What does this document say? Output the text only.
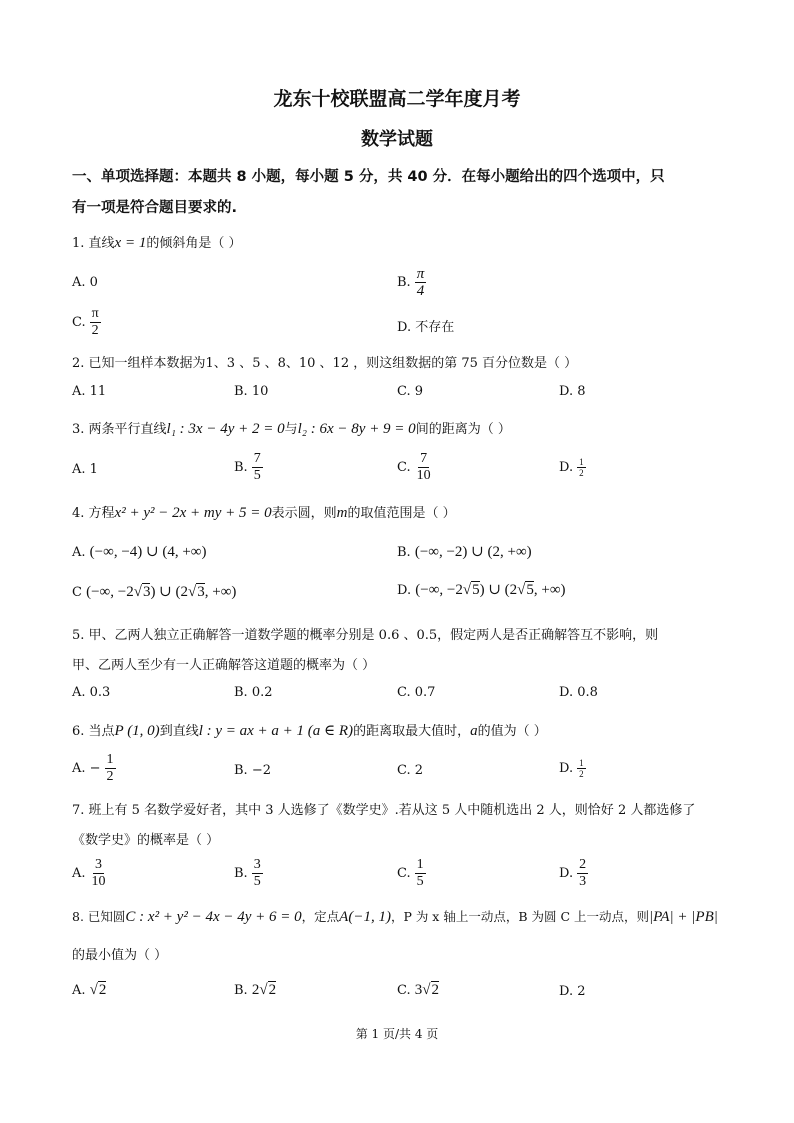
龙东十校联盟高二学年度月考
数学试题
一、单项选择题：本题共 8 小题，每小题 5 分，共 40 分．在每小题给出的四个选项中，只
有一项是符合题目要求的.
1. 直线x = 1的倾斜角是（ ）
A. 0	B. $\frac{\pi}{4}$
C. $\frac{\pi}{2}$	D. 不存在
2. 已知一组样本数据为1、3 、5 、8、10 、12 ，则这组数据的第 75 百分位数是（ ）
A. 11	B. 10	C. 9	D. 8
3. 两条平行直线l₁ : 3x − 4y + 2 = 0与l₂ : 6x − 8y + 9 = 0间的距离为（ ）
A. 1	B. $\frac{7}{5}$	C. $\frac{7}{10}$	D. $\frac{1}{2}$
4. 方程x² + y² − 2x + my + 5 = 0表示圆，则m的取值范围是（ ）
A. (−∞, −4) ∪ (4, +∞)	B. (−∞, −2) ∪ (2, +∞)
C (−∞, −2√3) ∪ (2√3, +∞)	D. (−∞, −2√5) ∪ (2√5, +∞)
5. 甲、乙两人独立正确解答一道数学题的概率分别是 0.6 、0.5，假定两人是否正确解答互不影响，则
甲、乙两人至少有一人正确解答这道题的概率为（ ）
A. 0.3	B. 0.2	C. 0.7	D. 0.8
6. 当点P (1, 0)到直线l : y = ax + a + 1 (a ∈ R)的距离取最大值时，a的值为（ ）
A. − $\frac{1}{2}$	B. −2	C. 2	D. $\frac{1}{2}$
7. 班上有 5 名数学爱好者，其中 3 人选修了《数学史》.若从这 5 人中随机选出 2 人，则恰好 2 人都选修了
《数学史》的概率是（ ）
A. $\frac{3}{10}$	B. $\frac{3}{5}$	C. $\frac{1}{5}$	D. $\frac{2}{3}$
8. 已知圆C : x² + y² − 4x − 4y + 6 = 0，定点A(−1, 1)，P 为 x 轴上一动点，B 为圆 C 上一动点，则|PA| + |PB|
的最小值为（ ）
A. √2	B. 2√2	C. 3√2	D. 2
第 1 页/共 4 页
